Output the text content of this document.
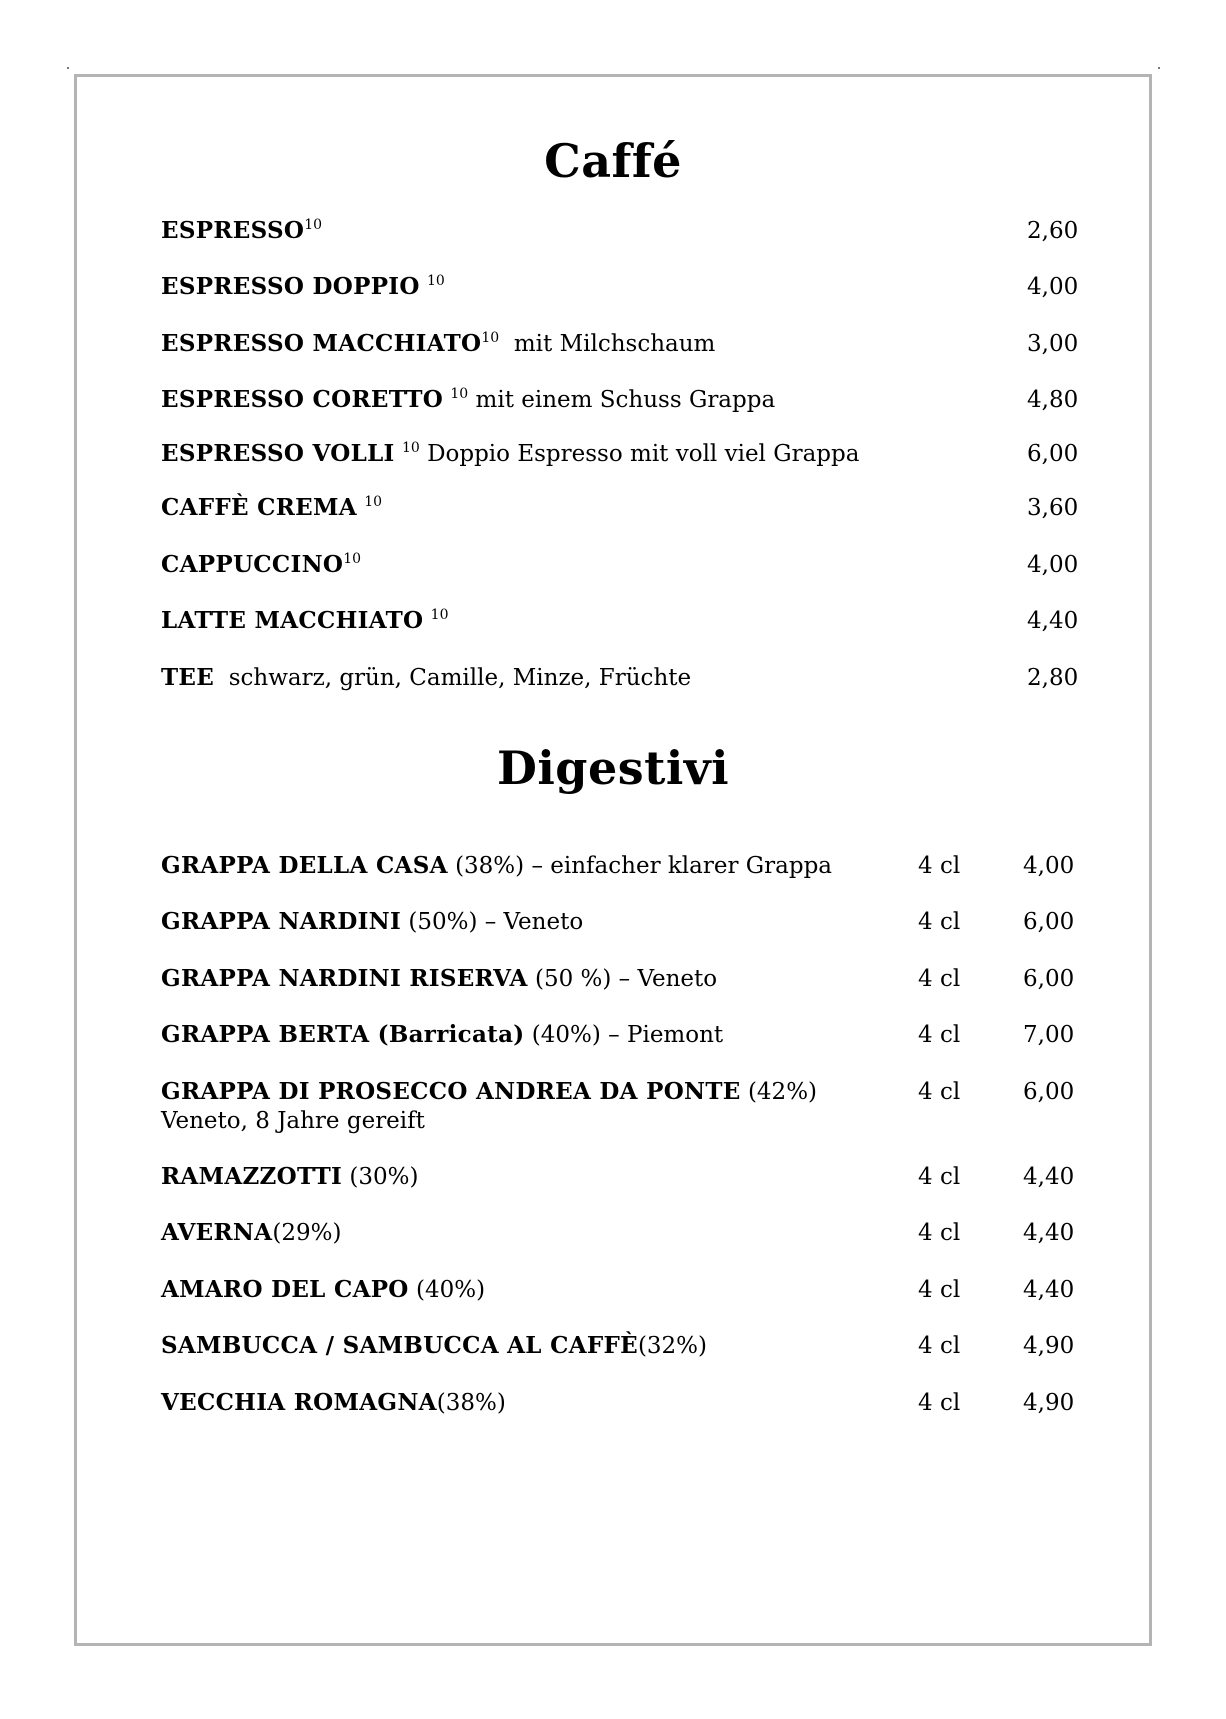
Caffé
ESPRESSO$^{10}$	2,60
ESPRESSO DOPPIO $^{10}$	4,00
ESPRESSO MACCHIATO$^{10}$ mit Milchschaum	3,00
ESPRESSO CORETTO $^{10}$ mit einem Schuss Grappa	4,80
ESPRESSO VOLLI $^{10}$ Doppio Espresso mit voll viel Grappa	6,00
CAFFÈ CREMA $^{10}$	3,60
CAPPUCCINO$^{10}$	4,00
LATTE MACCHIATO $^{10}$	4,40
TEE schwarz, grün, Camille, Minze, Früchte	2,80
Digestivi
GRAPPA DELLA CASA (38%) – einfacher klarer Grappa	4 cl	4,00
GRAPPA NARDINI (50%) – Veneto	4 cl	6,00
GRAPPA NARDINI RISERVA (50 %) – Veneto	4 cl	6,00
GRAPPA BERTA (Barricata) (40%) – Piemont	4 cl	7,00
GRAPPA DI PROSECCO ANDREA DA PONTE (42%)
Veneto, 8 Jahre gereift
4 cl	6,00
RAMAZZOTTI (30%)	4 cl	4,40
AVERNA(29%)	4 cl	4,40
AMARO DEL CAPO (40%)	4 cl	4,40
SAMBUCCA / SAMBUCCA AL CAFFÈ(32%)	4 cl	4,90
VECCHIA ROMAGNA(38%)	4 cl	4,90
